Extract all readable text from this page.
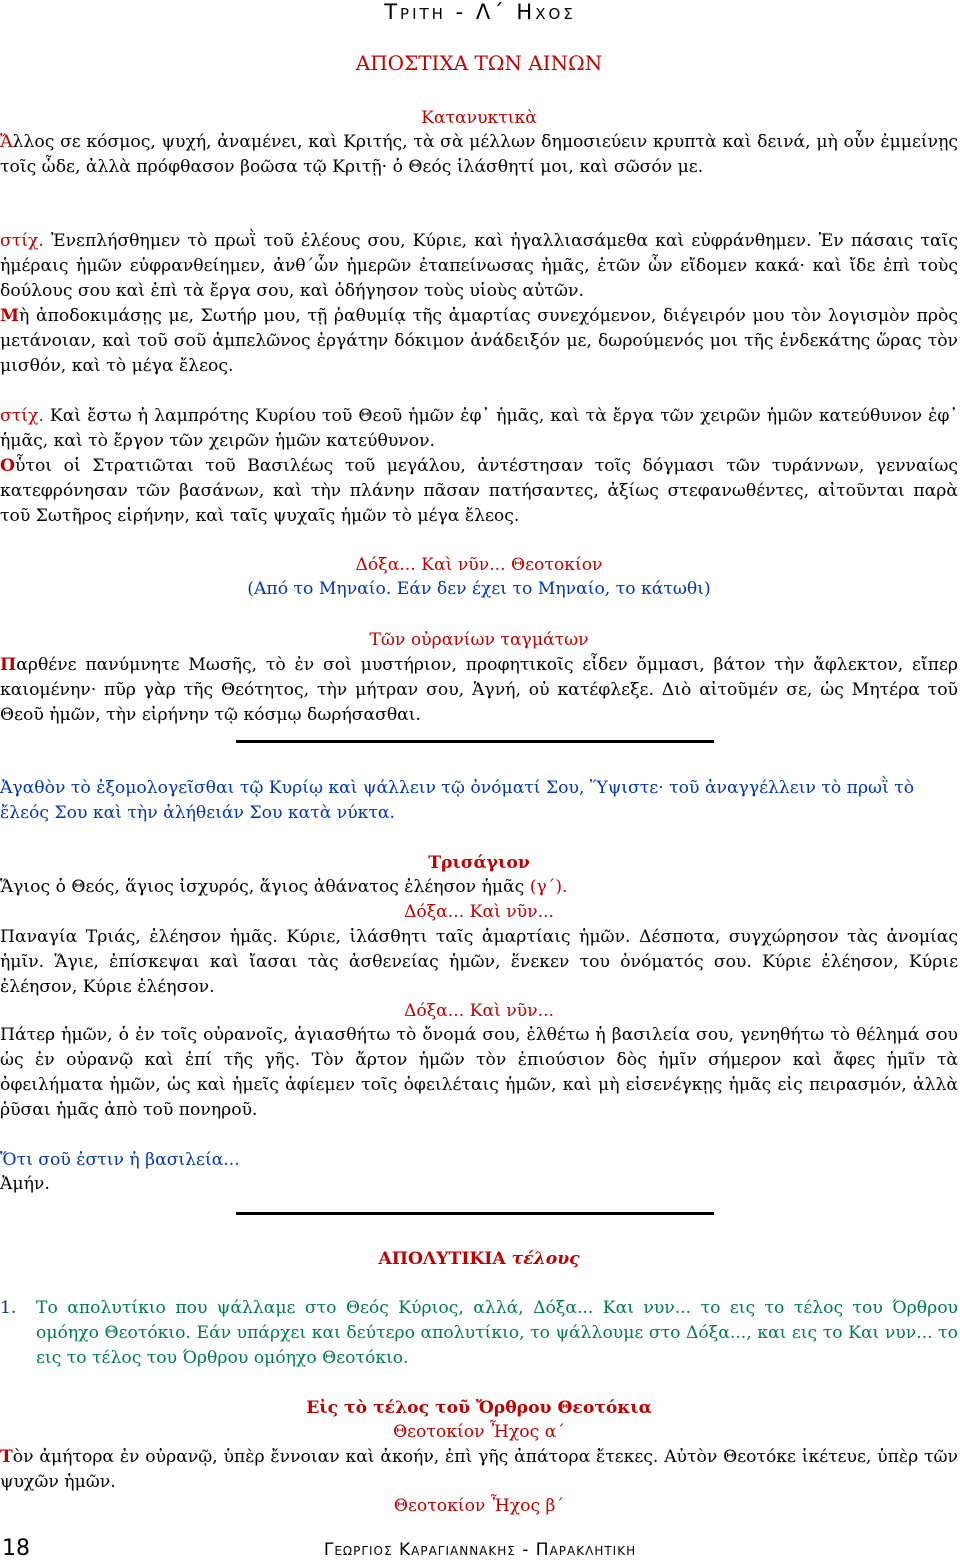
Τριτη - Λ΄ Ηχος
ΑΠΟΣΤΙΧΑ ΤΩΝ ΑΙΝΩΝ
Κατανυκτικὰ

Ἄλλος σε κόσμος, ψυχή, ἀναμένει, καὶ Κριτής, τὰ σὰ μέλλων δημοσιεύειν κρυπτὰ καὶ δεινά, μὴ οὖν ἐμμείνῃς τοῖς ὧδε, ἀλλὰ πρόφθασον βοῶσα τῷ Κριτῇ· ὁ Θεός ἱλάσθητί μοι, καὶ σῶσόν με.

στίχ. Ἐνεπλήσθημεν τὸ πρωῒ τοῦ ἐλέους σου, Κύριε, καὶ ἠγαλλιασάμεθα καὶ εὐφράνθημεν. Ἐν πάσαις ταῖς ἡμέραις ἡμῶν εὐφρανθείημεν, ἀνθ΄ὧν ἡμερῶν ἐταπείνωσας ἡμᾶς, ἐτῶν ὧν εἴδομεν κακά· καὶ ἴδε ἐπὶ τοὺς δούλους σου καὶ ἐπὶ τὰ ἔργα σου, καὶ ὁδήγησον τοὺς υἱοὺς αὐτῶν.

Μὴ ἀποδοκιμάσῃς με, Σωτήρ μου, τῇ ῥαθυμίᾳ τῆς ἁμαρτίας συνεχόμενον, διέγειρόν μου τὸν λογισμὸν πρὸς μετάνοιαν, καὶ τοῦ σοῦ ἀμπελῶνος ἐργάτην δόκιμον ἀνάδειξόν με, δωρούμενός μοι τῆς ἑνδεκάτης ὥρας τὸν μισθόν, καὶ τὸ μέγα ἔλεος.

στίχ. Καὶ ἔστω ἡ λαμπρότης Κυρίου τοῦ Θεοῦ ἡμῶν ἐφ᾽ ἡμᾶς, καὶ τὰ ἔργα τῶν χειρῶν ἡμῶν κατεύθυνον ἐφ᾽ ἡμᾶς, καὶ τὸ ἔργον τῶν χειρῶν ἡμῶν κατεύθυνον.

Οὗτοι οἱ Στρατιῶται τοῦ Βασιλέως τοῦ μεγάλου, ἀντέστησαν τοῖς δόγμασι τῶν τυράννων, γενναίως κατεφρόνησαν τῶν βασάνων, καὶ τὴν πλάνην πᾶσαν πατήσαντες, ἀξίως στεφανωθέντες, αἰτοῦνται παρὰ τοῦ Σωτῆρος εἰρήνην, καὶ ταῖς ψυχαῖς ἡμῶν τὸ μέγα ἔλεος.

Δόξα... Καὶ νῦν... Θεοτοκίον
(Από το Μηναίο. Εάν δεν έχει το Μηναίο, το κάτωθι)
Τῶν οὐρανίων ταγμάτων

Παρθένε πανύμνητε Μωσῆς, τὸ ἐν σοὶ μυστήριον, προφητικοῖς εἶδεν ὄμμασι, βάτον τὴν ἄφλεκτον, εἴπερ καιομένην· πῦρ γὰρ τῆς Θεότητος, τὴν μήτραν σου, Ἁγνή, οὐ κατέφλεξε. Διὸ αἰτοῦμέν σε, ὡς Μητέρα τοῦ Θεοῦ ἡμῶν, τὴν εἰρήνην τῷ κόσμῳ δωρήσασθαι.

Ἀγαθὸν τὸ ἐξομολογεῖσθαι τῷ Κυρίῳ καὶ ψάλλειν τῷ ὀνόματί Σου, Ὕψιστε· τοῦ ἀναγγέλλειν τὸ πρωῒ τὸ ἔλεός Σου καὶ τὴν ἀλήθειάν Σου κατὰ νύκτα.

Τρισάγιον

Ἅγιος ὁ Θεός, ἅγιος ἰσχυρός, ἅγιος ἀθάνατος ἐλέησον ἡμᾶς (γ΄).

Δόξα... Καὶ νῦν...

Παναγία Τριάς, ἐλέησον ἡμᾶς. Κύριε, ἱλάσθητι ταῖς ἁμαρτίαις ἡμῶν. Δέσποτα, συγχώρησον τὰς ἀνομίας ἡμῖν. Ἅγιε, ἐπίσκεψαι καὶ ἴασαι τὰς ἀσθενείας ἡμῶν, ἕνεκεν του ὀνόματός σου. Κύριε ἐλέησον, Κύριε ἐλέησον, Κύριε ἐλέησον.

Δόξα... Καὶ νῦν...

Πάτερ ἡμῶν, ὁ ἐν τοῖς οὐρανοῖς, ἁγιασθήτω τὸ ὄνομά σου, ἐλθέτω ἡ βασιλεία σου, γενηθήτω τὸ θέλημά σου ὡς ἐν οὐρανῷ καὶ ἐπί τῆς γῆς. Τὸν ἄρτον ἡμῶν τὸν ἐπιούσιον δὸς ἡμῖν σήμερον καὶ ἄφες ἡμῖν τὰ ὀφειλήματα ἡμῶν, ὡς καὶ ἡμεῖς ἀφίεμεν τοῖς ὀφειλέταις ἡμῶν, καὶ μὴ εἰσενέγκῃς ἡμᾶς εἰς πειρασμόν, ἀλλὰ ῥῦσαι ἡμᾶς ἀπὸ τοῦ πονηροῦ.

Ὅτι σοῦ ἐστιν ἡ βασιλεία...
Ἀμήν.
ΑΠΟΛΥΤΙΚΙΑ τέλους
1. Το απολυτίκιο που ψάλλαμε στο Θεός Κύριος, αλλά, Δόξα... Και νυν... το εις το τέλος του Όρθρου ομόηχο Θεοτόκιο. Εάν υπάρχει και δεύτερο απολυτίκιο, το ψάλλουμε στο Δόξα..., και εις το Και νυν... το εις το τέλος του Όρθρου ομόηχο Θεοτόκιο.

Εἰς τὸ τέλος τοῦ Ὄρθρου Θεοτόκια
Θεοτοκίον Ἦχος α΄

Τὸν ἀμήτορα ἐν οὐρανῷ, ὑπὲρ ἔννοιαν καὶ ἀκοήν, ἐπὶ γῆς ἀπάτορα ἔτεκες. Αὐτὸν Θεοτόκε ἱκέτευε, ὑπὲρ τῶν ψυχῶν ἡμῶν.

Θεοτοκίον Ἦχος β΄
18	Γεωργιος Καραγιαννακης - Παρακλητικη
